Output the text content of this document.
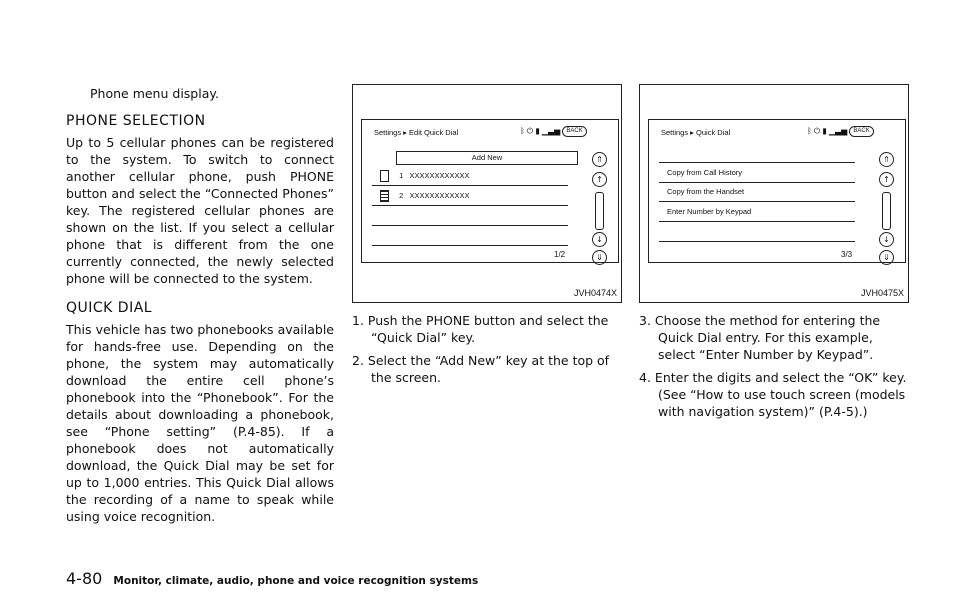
Phone menu display.
PHONE SELECTION

Up to 5 cellular phones can be registered to the system. To switch to connect another cellular phone, push PHONE button and select the “Connected Phones” key. The registered cellular phones are shown on the list. If you select a cellular phone that is different from the one currently connected, the newly selected phone will be connected to the system.

QUICK DIAL

This vehicle has two phonebooks available for hands-free use. Depending on the phone, the system may automatically download the entire cell phone’s phonebook into the “Phonebook”. For the details about downloading a phonebook, see “Phone setting” (P.4-85). If a phonebook does not automatically download, the Quick Dial may be set for up to 1,000 entries. This Quick Dial allows the recording of a name to speak while using voice recognition.

Settings ▸ Edit Quick Dial	ᛒ ⏻ ▮ ▁▃▅ BACK
Add New
1 XXXXXXXXXXXX
2 XXXXXXXXXXXX
⇑
↑
↓
⇓
1/2
JVH0474X
Settings ▸ Quick Dial	ᛒ ⏻ ▮ ▁▃▅ BACK
Copy from Call History
Copy from the Handset
Enter Number by Keypad
⇑
↑
↓
⇓
3/3
JVH0475X
1. Push the PHONE button and select the “Quick Dial” key.
2. Select the “Add New” key at the top of the screen.
3. Choose the method for entering the Quick Dial entry. For this example, select “Enter Number by Keypad”.
4. Enter the digits and select the “OK” key. (See “How to use touch screen (models with navigation system)” (P.4-5).)
4-80 Monitor, climate, audio, phone and voice recognition systems
